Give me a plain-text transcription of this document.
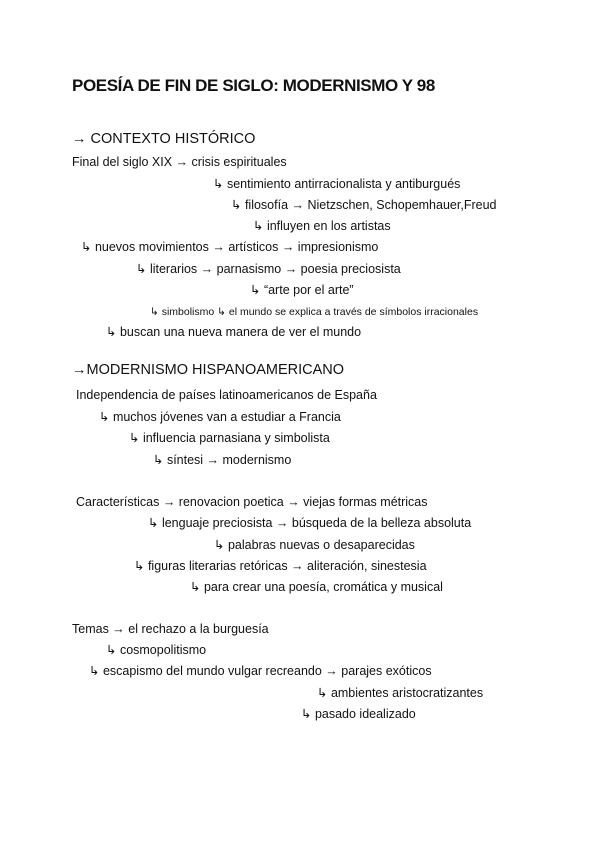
POESÍA DE FIN DE SIGLO: MODERNISMO Y 98
→ CONTEXTO HISTÓRICO
Final del siglo XIX → crisis espirituales
↳ sentimiento antirracionalista y antiburgués
↳ filosofía → Nietzschen, Schopemhauer,Freud
↳ influyen en los artistas
↳ nuevos movimientos → artísticos → impresionismo
↳ literarios → parnasismo → poesia preciosista
↳ “arte por el arte”
↳ simbolismo ↳ el mundo se explica a través de símbolos irracionales
↳ buscan una nueva manera de ver el mundo
→MODERNISMO HISPANOAMERICANO
Independencia de países latinoamericanos de España
↳ muchos jóvenes van a estudiar a Francia
↳ influencia parnasiana y simbolista
↳ síntesi → modernismo
Características → renovacion poetica → viejas formas métricas
↳ lenguaje preciosista → búsqueda de la belleza absoluta
↳ palabras nuevas o desaparecidas
↳ figuras literarias retóricas → aliteración, sinestesia
↳ para crear una poesía, cromática y musical
Temas → el rechazo a la burguesía
↳ cosmopolitismo
↳ escapismo del mundo vulgar recreando → parajes exóticos
↳ ambientes aristocratizantes
↳ pasado idealizado
